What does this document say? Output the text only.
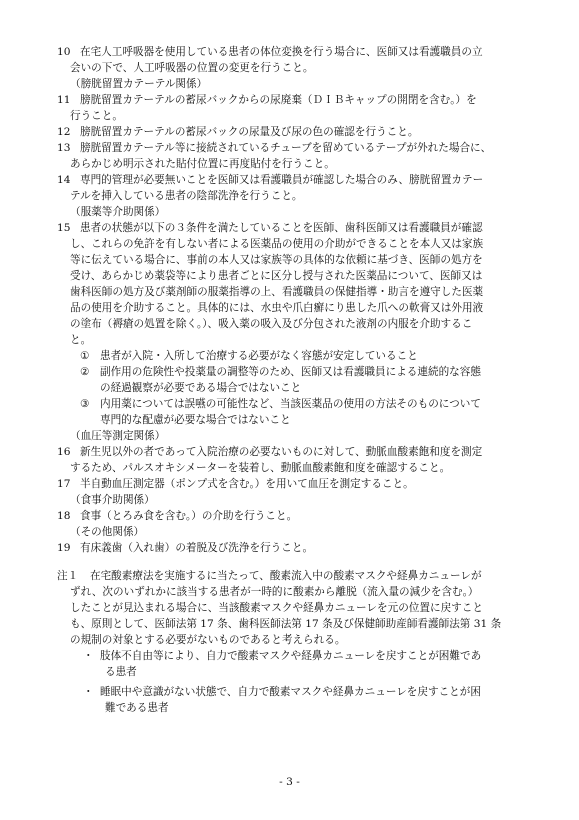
在宅人工呼吸器を使用している患者の体位変換を行う場合に、医師又は看護職員の立
10
会いの下で、人工呼吸器の位置の変更を行うこと。
（膀胱留置カテーテル関係）
膀胱留置カテーテルの蓄尿バックからの尿廃棄（ＤＩＢキャップの開閉を含む。）を
11
行うこと。
膀胱留置カテーテルの蓄尿バックの尿量及び尿の色の確認を行うこと。
12
膀胱留置カテーテル等に接続されているチューブを留めているテープが外れた場合に、
13
あらかじめ明示された貼付位置に再度貼付を行うこと。
専門的管理が必要無いことを医師又は看護職員が確認した場合のみ、膀胱留置カテー
14
テルを挿入している患者の陰部洗浄を行うこと。
（服薬等介助関係）
患者の状態が以下の３条件を満たしていることを医師、歯科医師又は看護職員が確認
15
し、これらの免許を有しない者による医薬品の使用の介助ができることを本人又は家族
等に伝えている場合に、事前の本人又は家族等の具体的な依頼に基づき、医師の処方を
受け、あらかじめ薬袋等により患者ごとに区分し授与された医薬品について、医師又は
歯科医師の処方及び薬剤師の服薬指導の上、看護職員の保健指導・助言を遵守した医薬
品の使用を介助すること。具体的には、水虫や爪白癬にり患した爪への軟膏又は外用液
の塗布（褥瘡の処置を除く。）、吸入薬の吸入及び分包された液剤の内服を介助するこ
と。
患者が入院・入所して治療する必要がなく容態が安定していること
①
副作用の危険性や投薬量の調整等のため、医師又は看護職員による連続的な容態
②
の経過観察が必要である場合ではないこと
内用薬については誤嚥の可能性など、当該医薬品の使用の方法そのものについて
③
専門的な配慮が必要な場合ではないこと
（血圧等測定関係）
新生児以外の者であって入院治療の必要ないものに対して、動脈血酸素飽和度を測定
16
するため、パルスオキシメーターを装着し、動脈血酸素飽和度を確認すること。
半自動血圧測定器（ポンプ式を含む。）を用いて血圧を測定すること。
17
（食事介助関係）
食事（とろみ食を含む。）の介助を行うこと。
18
（その他関係）
有床義歯（入れ歯）の着脱及び洗浄を行うこと。
19
在宅酸素療法を実施するに当たって、酸素流入中の酸素マスクや経鼻カニューレが
注１
ずれ、次のいずれかに該当する患者が一時的に酸素から離脱（流入量の減少を含む。）
したことが見込まれる場合に、当該酸素マスクや経鼻カニューレを元の位置に戻すこと
も、原則として、医師法第 17 条、歯科医師法第 17 条及び保健師助産師看護師法第 31 条
の規制の対象とする必要がないものであると考えられる。
肢体不自由等により、自力で酸素マスクや経鼻カニューレを戻すことが困難であ
・
る患者
睡眠中や意識がない状態で、自力で酸素マスクや経鼻カニューレを戻すことが困
・
難である患者
- 3 -
